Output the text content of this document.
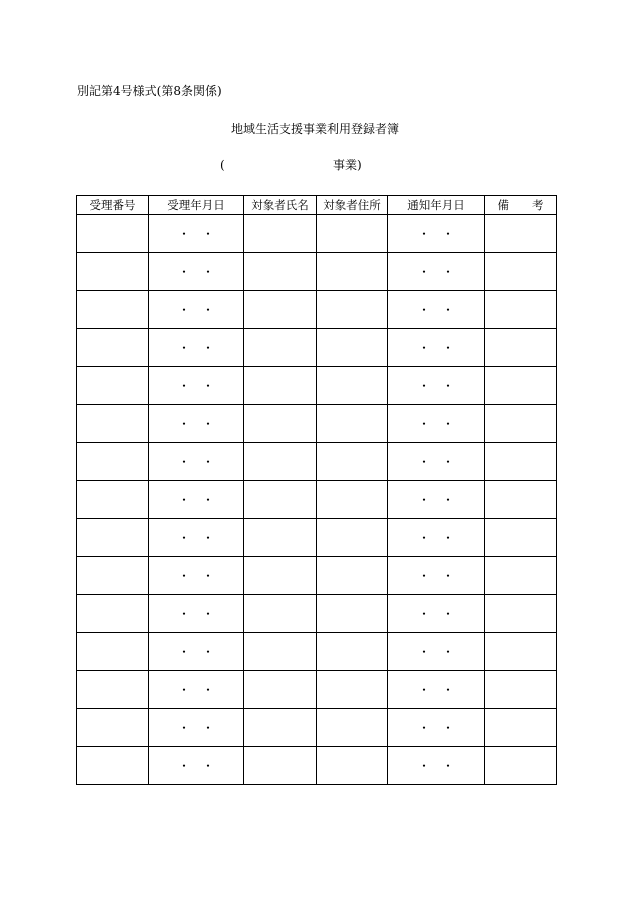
別記第4号様式(第8条関係)
地域生活支援事業利用登録者簿
(	事業)
受理番号	受理年月日	対象者氏名	対象者住所	通知年月日	備　　考
	・　・			・　・	
	・　・			・　・	
	・　・			・　・	
	・　・			・　・	
	・　・			・　・	
	・　・			・　・	
	・　・			・　・	
	・　・			・　・	
	・　・			・　・	
	・　・			・　・	
	・　・			・　・	
	・　・			・　・	
	・　・			・　・	
	・　・			・　・	
	・　・			・　・	
